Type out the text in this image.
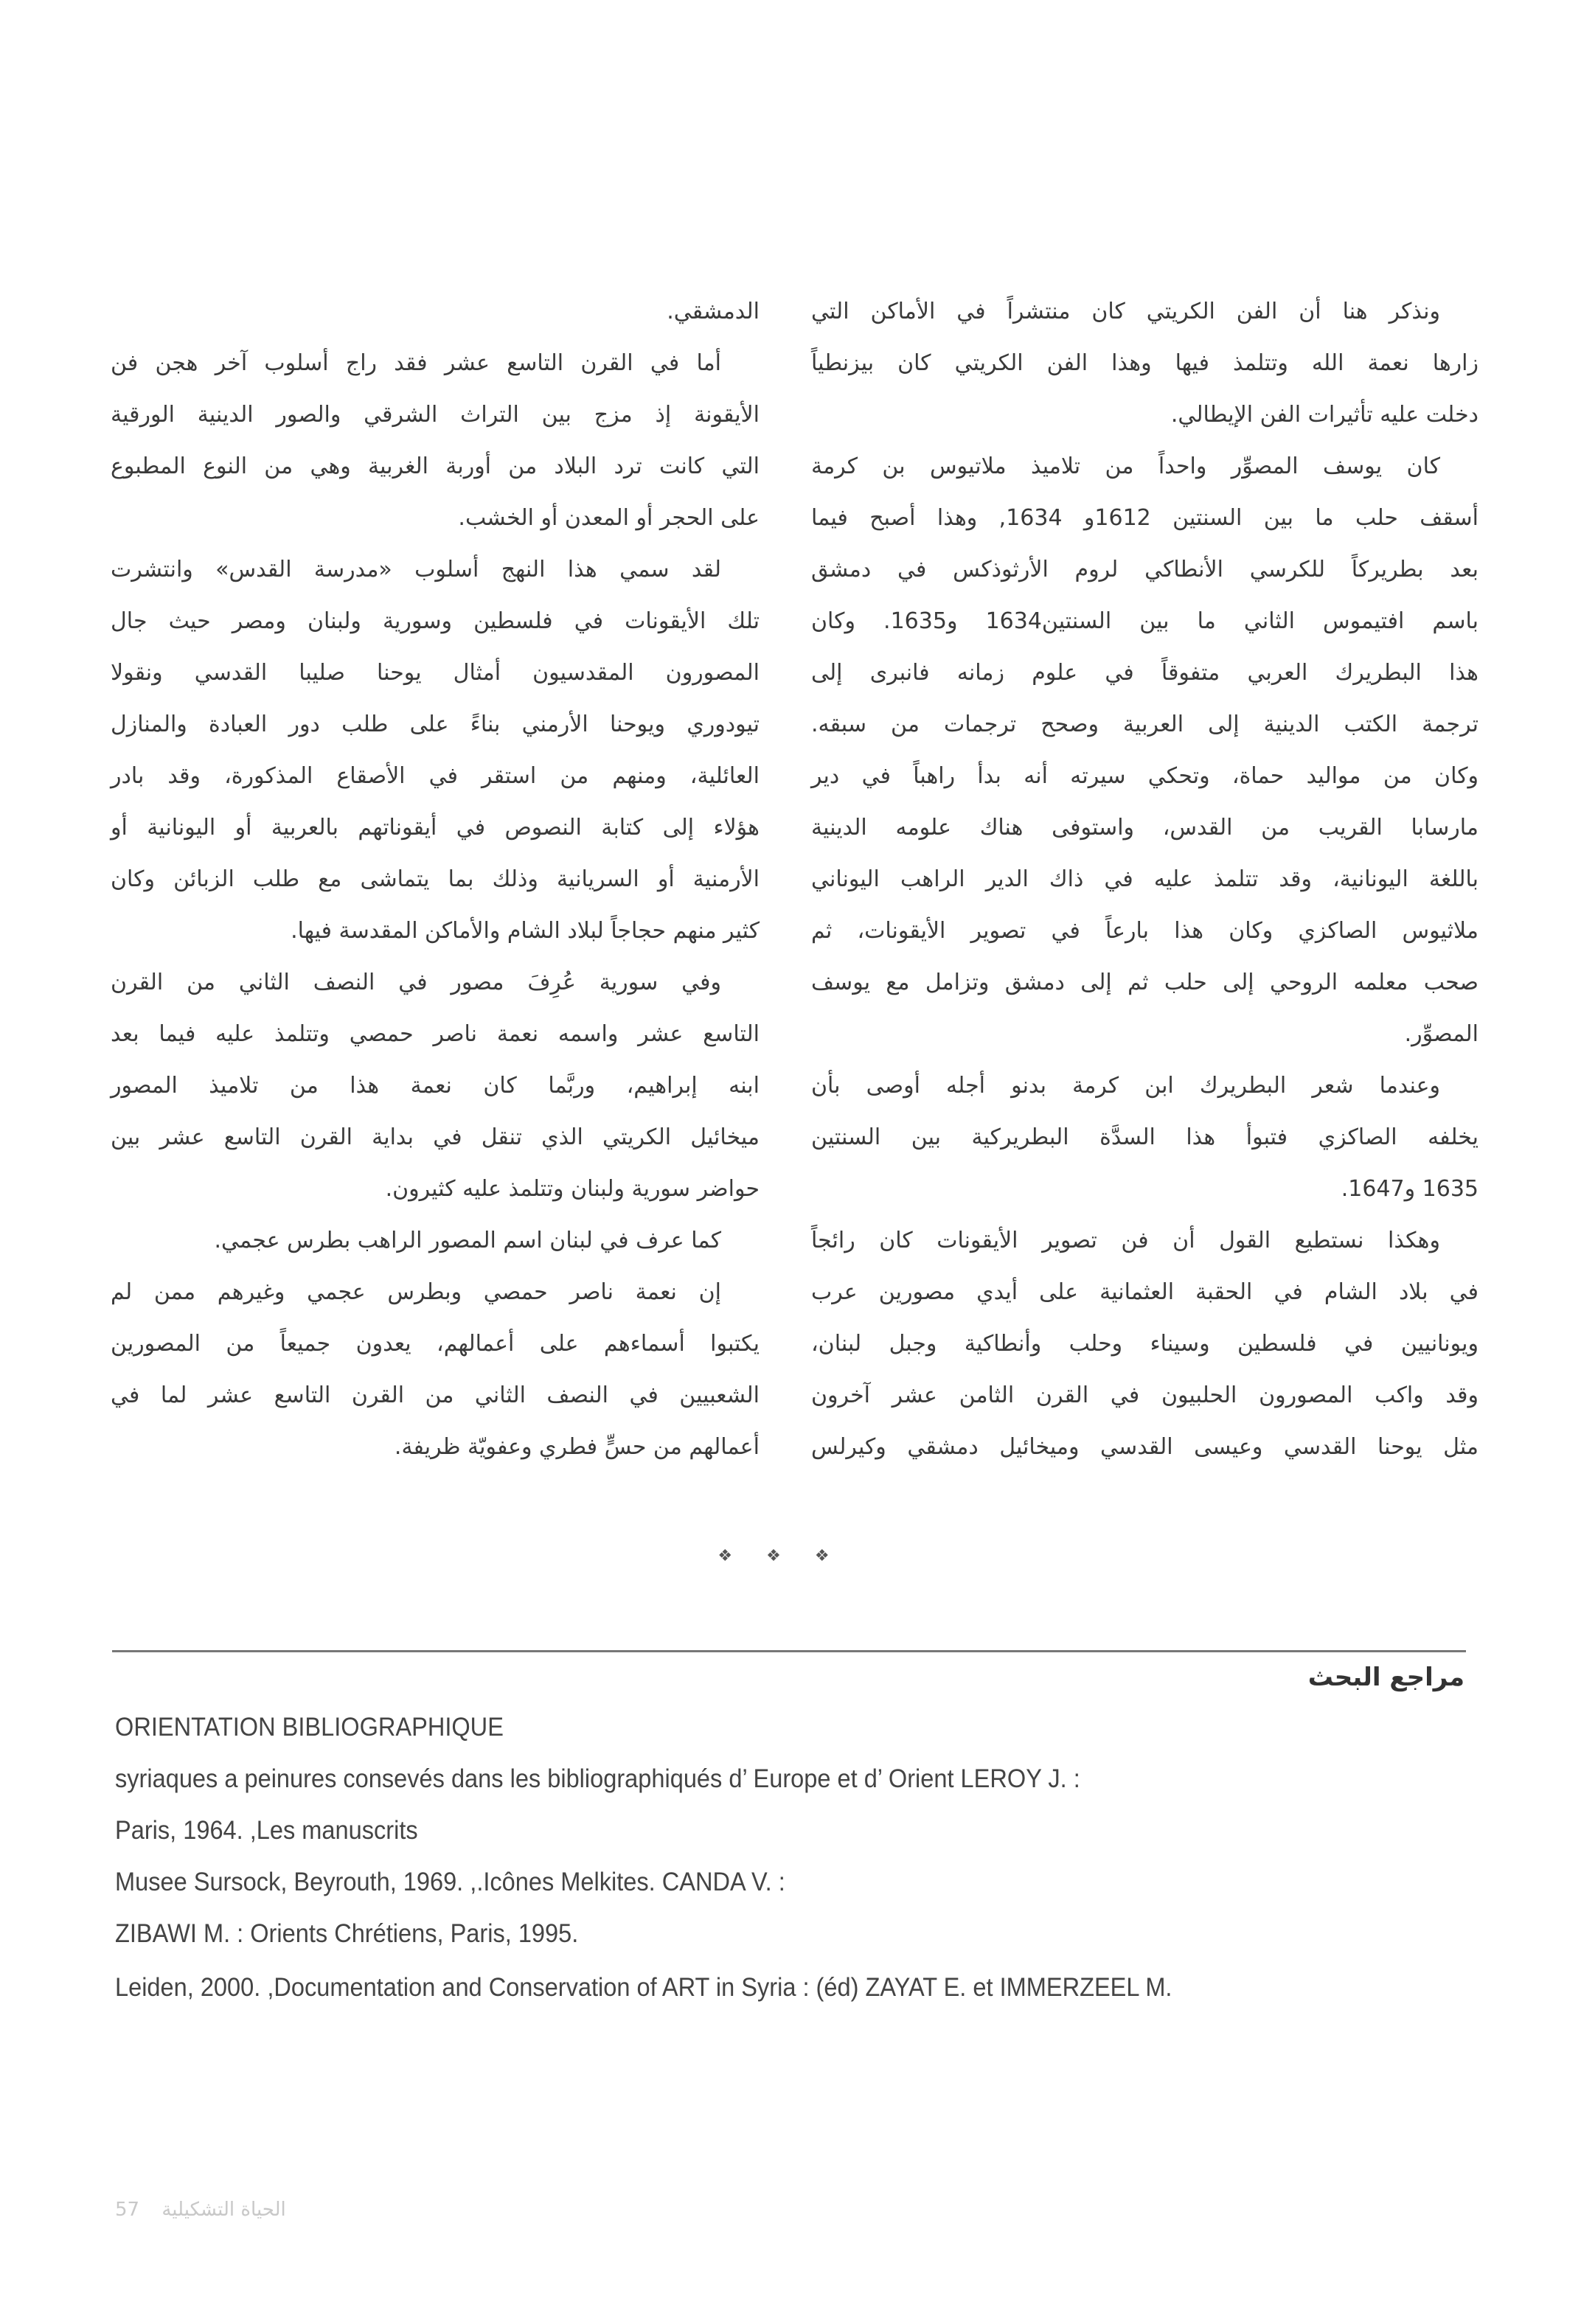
ونذكر هنا أن الفن الكريتي كان منتشراً في الأماكن التي
زارها نعمة الله وتتلمذ فيها وهذا الفن الكريتي كان بيزنطياً
دخلت عليه تأثيرات الفن الإيطالي.
كان يوسف المصوِّر واحداً من تلاميذ ملاتيوس بن كرمة
أسقف حلب ما بين السنتين 1612و 1634, وهذا أصبح فيما
بعد بطريركاً للكرسي الأنطاكي لروم الأرثوذكس في دمشق
باسم افتيموس الثاني ما بين السنتين1634 و1635. وكان
هذا البطريرك العربي متفوقاً في علوم زمانه فانبرى إلى
ترجمة الكتب الدينية إلى العربية وصحح ترجمات من سبقه.
وكان من مواليد حماة، وتحكي سيرته أنه بدأ راهباً في دير
مارسابا القريب من القدس، واستوفى هناك علومه الدينية
باللغة اليونانية، وقد تتلمذ عليه في ذاك الدير الراهب اليوناني
ملاثيوس الصاكزي وكان هذا بارعاً في تصوير الأيقونات، ثم
صحب معلمه الروحي إلى حلب ثم إلى دمشق وتزامل مع يوسف
المصوِّر.
وعندما شعر البطريرك ابن كرمة بدنو أجله أوصى بأن
يخلفه الصاكزي فتبوأ هذا السدَّة البطريركية بين السنتين
1635 و1647.
وهكذا نستطيع القول أن فن تصوير الأيقونات كان رائجاً
في بلاد الشام في الحقبة العثمانية على أيدي مصورين عرب
ويونانيين في فلسطين وسيناء وحلب وأنطاكية وجبل لبنان،
وقد واكب المصورون الحلبيون في القرن الثامن عشر آخرون
مثل يوحنا القدسي وعيسى القدسي وميخائيل دمشقي وكيرلس
الدمشقي.
أما في القرن التاسع عشر فقد راج أسلوب آخر هجن فن
الأيقونة إذ مزج بين التراث الشرقي والصور الدينية الورقية
التي كانت ترد البلاد من أوربة الغربية وهي من النوع المطبوع
على الحجر أو المعدن أو الخشب.
لقد سمي هذا النهج أسلوب «مدرسة القدس» وانتشرت
تلك الأيقونات في فلسطين وسورية ولبنان ومصر حيث جال
المصورون المقدسيون أمثال يوحنا صليبا القدسي ونقولا
تيودوري ويوحنا الأرمني بناءً على طلب دور العبادة والمنازل
العائلية، ومنهم من استقر في الأصقاع المذكورة، وقد بادر
هؤلاء إلى كتابة النصوص في أيقوناتهم بالعربية أو اليونانية أو
الأرمنية أو السريانية وذلك بما يتماشى مع طلب الزبائن وكان
كثير منهم حجاجاً لبلاد الشام والأماكن المقدسة فيها.
وفي سورية عُرِفَ مصور في النصف الثاني من القرن
التاسع عشر واسمه نعمة ناصر حمصي وتتلمذ عليه فيما بعد
ابنه إبراهيم، وربَّما كان نعمة هذا من تلاميذ المصور
ميخائيل الكريتي الذي تنقل في بداية القرن التاسع عشر بين
حواضر سورية ولبنان وتتلمذ عليه كثيرون.
كما عرف في لبنان اسم المصور الراهب بطرس عجمي.
إن نعمة ناصر حمصي وبطرس عجمي وغيرهم ممن لم
يكتبوا أسماءهم على أعمالهم، يعدون جميعاً من المصورين
الشعبيين في النصف الثاني من القرن التاسع عشر لما في
أعمالهم من حسٍّ فطري وعفويّة ظريفة.
❖❖❖
مراجع البحث
ORIENTATION BIBLIOGRAPHIQUE
syriaques a peinures consevés dans les bibliographiqués d’ Europe et d’ Orient LEROY J. :
Paris, 1964. ,Les manuscrits
Musee Sursock, Beyrouth, 1969. ,.Icônes Melkites. CANDA V. :
ZIBAWI M. : Orients Chrétiens, Paris, 1995.
Leiden, 2000. ,Documentation and Conservation of ART in Syria : (éd) ZAYAT E. et IMMERZEEL M.
57 الحياة التشكيلية
